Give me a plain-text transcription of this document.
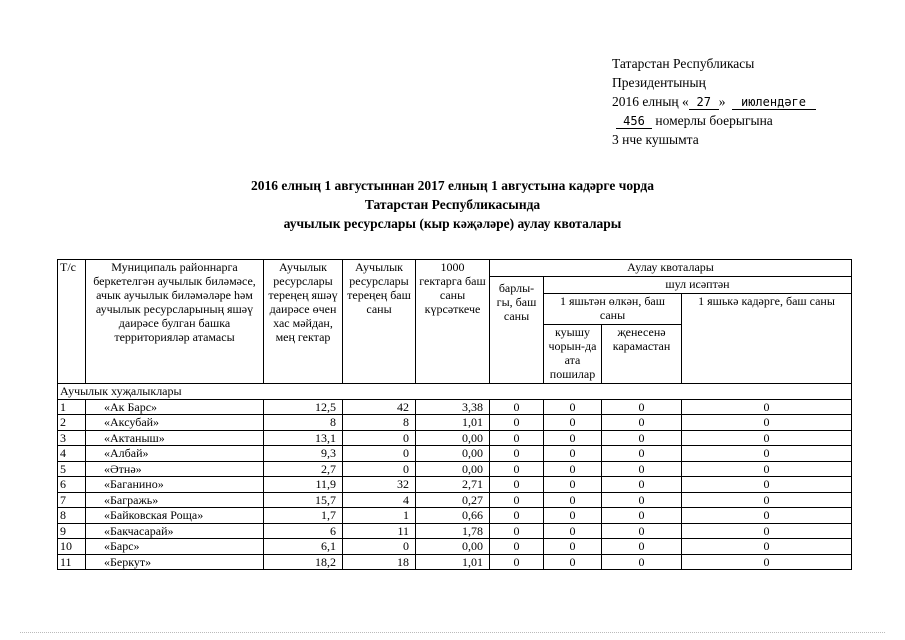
Татарстан Республикасы
Президентының
2016 елның « 27 » июлендәге
456 номерлы боерыгына
3 нче кушымта
2016 елның 1 августыннан 2017 елның 1 августына кадәрге чорда
Татарстан Республикасында
аучылык ресурслары (кыр кәҗәләре) аулау квоталары
Т/с	Муниципаль районнарга беркетелгән аучылык биләмәсе, ачык аучылык биләмәләре һәм аучылык ресурсларының яшәү даирәсе булган башка территорияләр атамасы	Аучылык ресурслары тереңең яшәү даирәсе өчен хас мәйдан, мең гектар	Аучылык ресурслары тереңең баш саны	1000 гектарга баш саны күрсәткече	Аулау квоталары			
					барлы-гы, баш саны	шул исәптән		
						1 яшьтән өлкән, баш саны		1 яшькә кадәрге, баш саны
						куышу чорын-да ата пошилар	җенесенә карамастан	
Аучылык хуҗалыклары								
1	«Ак Барс»	12,5	42	3,38	0	0	0	0
2	«Аксубай»	8	8	1,01	0	0	0	0
3	«Актаныш»	13,1	0	0,00	0	0	0	0
4	«Албай»	9,3	0	0,00	0	0	0	0
5	«Әтнә»	2,7	0	0,00	0	0	0	0
6	«Баганино»	11,9	32	2,71	0	0	0	0
7	«Багражь»	15,7	4	0,27	0	0	0	0
8	«Байковская Роща»	1,7	1	0,66	0	0	0	0
9	«Бакчасарай»	6	11	1,78	0	0	0	0
10	«Барс»	6,1	0	0,00	0	0	0	0
11	«Беркут»	18,2	18	1,01	0	0	0	0
